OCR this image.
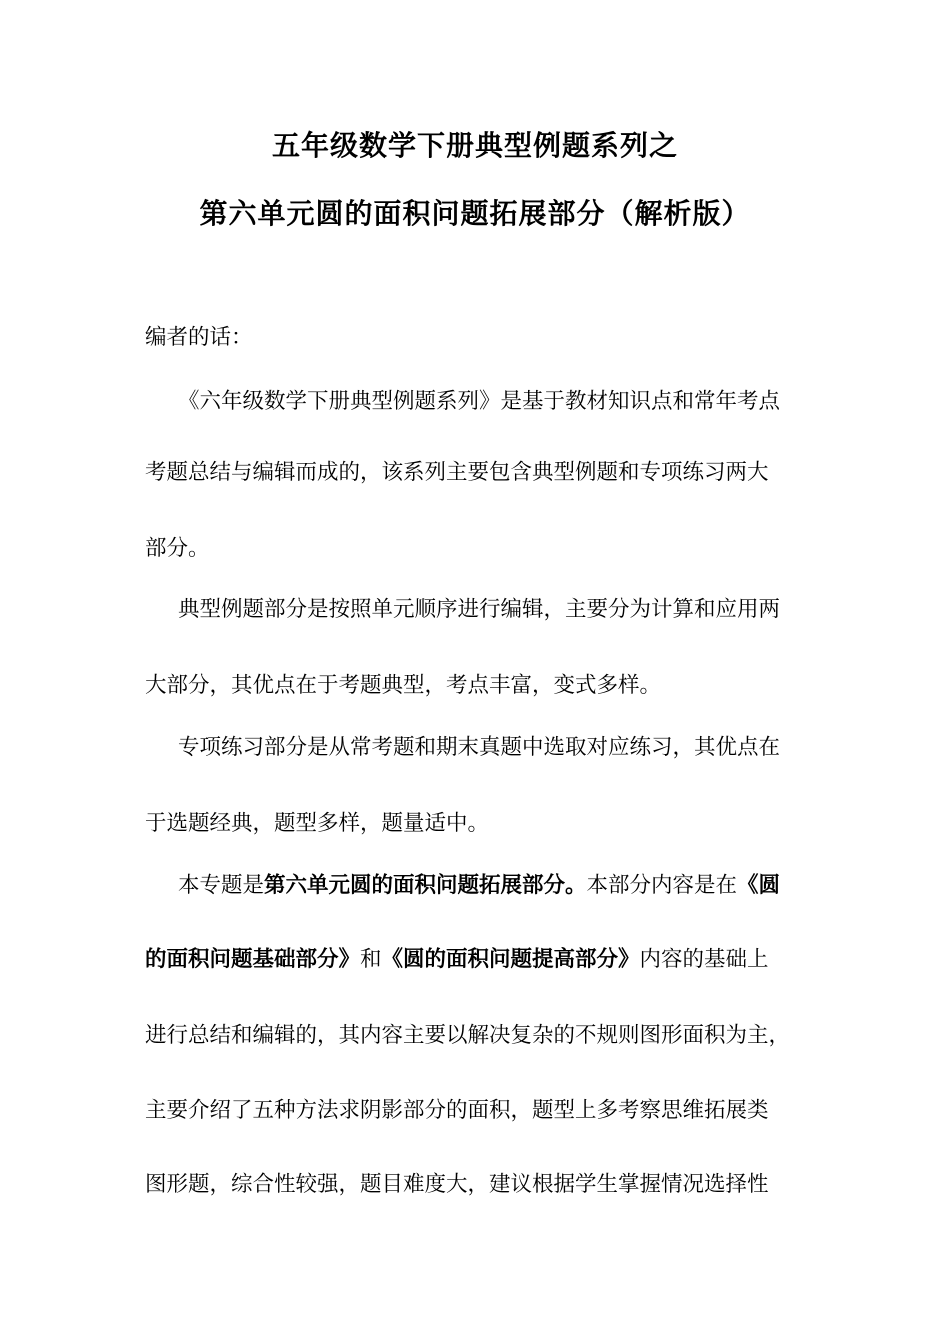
五年级数学下册典型例题系列之
第六单元圆的面积问题拓展部分（解析版）
编者的话：
《六年级数学下册典型例题系列》是基于教材知识点和常年考点
考题总结与编辑而成的，该系列主要包含典型例题和专项练习两大
部分。
典型例题部分是按照单元顺序进行编辑，主要分为计算和应用两
大部分，其优点在于考题典型，考点丰富，变式多样。
专项练习部分是从常考题和期末真题中选取对应练习，其优点在
于选题经典，题型多样，题量适中。
本专题是第六单元圆的面积问题拓展部分。本部分内容是在《圆
的面积问题基础部分》和《圆的面积问题提高部分》内容的基础上
进行总结和编辑的，其内容主要以解决复杂的不规则图形面积为主，
主要介绍了五种方法求阴影部分的面积，题型上多考察思维拓展类
图形题，综合性较强，题目难度大，建议根据学生掌握情况选择性
